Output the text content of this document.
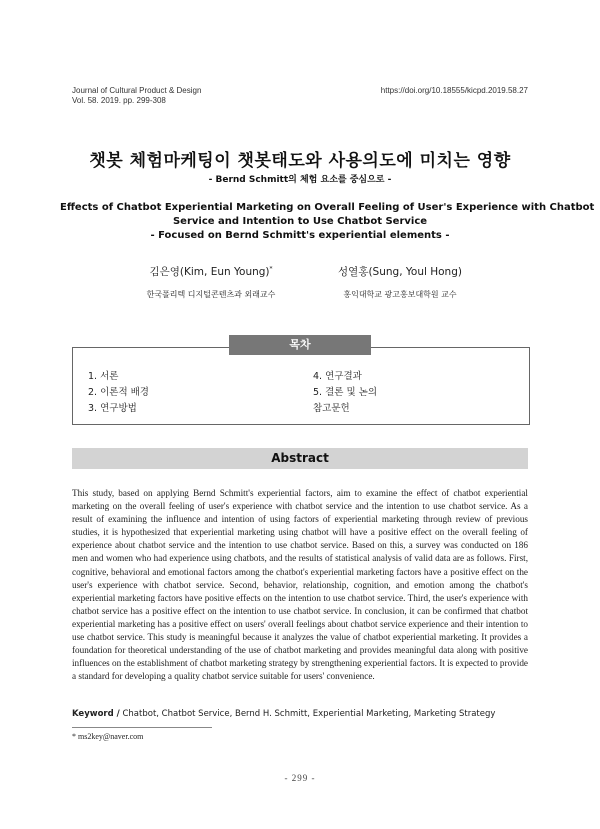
Journal of Cultural Product & Design
Vol. 58. 2019. pp. 299-308
https://doi.org/10.18555/kicpd.2019.58.27
챗봇 체험마케팅이 챗봇태도와 사용의도에 미치는 영향
- Bernd Schmitt의 체험 요소를 중심으로 -
Effects of Chatbot Experiential Marketing on Overall Feeling of User's Experience with Chatbot
Service and Intention to Use Chatbot Service
- Focused on Bernd Schmitt's experiential elements -
김은영(Kim, Eun Young)*	성열홍(Sung, Youl Hong)
한국폴리텍 디지털콘텐츠과 외래교수	홍익대학교 광고홍보대학원 교수
목차
1. 서론
2. 이론적 배경
3. 연구방법
4. 연구결과
5. 결론 및 논의
참고문헌
Abstract
This study, based on applying Bernd Schmitt's experiential factors, aim to examine the effect of chatbot experiential marketing on the overall feeling of user's experience with chatbot service and the intention to use chatbot service. As a result of examining the influence and intention of using factors of experiential marketing through review of previous studies, it is hypothesized that experiential marketing using chatbot will have a positive effect on the overall feeling of experience about chatbot service and the intention to use chatbot service. Based on this, a survey was conducted on 186 men and women who had experience using chatbots, and the results of statistical analysis of valid data are as follows. First, cognitive, behavioral and emotional factors among the chatbot's experiential marketing factors have a positive effect on the user's experience with chatbot service. Second, behavior, relationship, cognition, and emotion among the chatbot's experiential marketing factors have positive effects on the intention to use chatbot service. Third, the user's experience with chatbot service has a positive effect on the intention to use chatbot service. In conclusion, it can be confirmed that chatbot experiential marketing has a positive effect on users' overall feelings about chatbot service experience and their intention to use chatbot service. This study is meaningful because it analyzes the value of chatbot experiential marketing. It provides a foundation for theoretical understanding of the use of chatbot marketing and provides meaningful data along with positive influences on the establishment of chatbot marketing strategy by strengthening experiential factors. It is expected to provide a standard for developing a quality chatbot service suitable for users' convenience.
Keyword / Chatbot, Chatbot Service, Bernd H. Schmitt, Experiential Marketing, Marketing Strategy
* ms2key@naver.com
- 299 -
